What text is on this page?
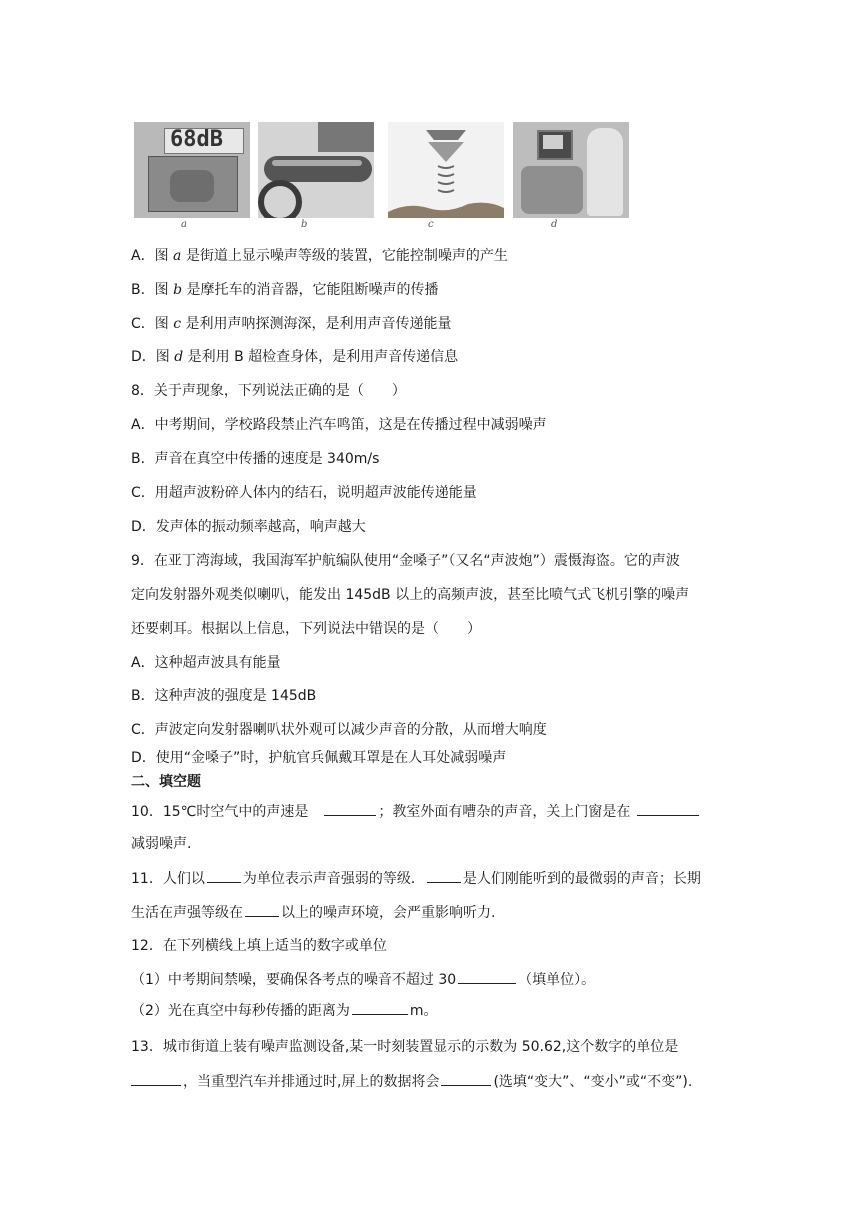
68dB
a	b	c	d
A．图 a 是街道上显示噪声等级的装置，它能控制噪声的产生
B．图 b 是摩托车的消音器，它能阻断噪声的传播
C．图 c 是利用声呐探测海深，是利用声音传递能量
D．图 d 是利用 B 超检查身体，是利用声音传递信息
8．关于声现象，下列说法正确的是（　　）
A．中考期间，学校路段禁止汽车鸣笛，这是在传播过程中减弱噪声
B．声音在真空中传播的速度是 340m/s
C．用超声波粉碎人体内的结石，说明超声波能传递能量
D．发声体的振动频率越高，响声越大
9．在亚丁湾海域，我国海军护航编队使用“金嗓子”（又名“声波炮”）震慑海盗。它的声波
定向发射器外观类似喇叭，能发出 145dB 以上的高频声波，甚至比喷气式飞机引擎的噪声
还要刺耳。根据以上信息，下列说法中错误的是（　　）
A．这种超声波具有能量
B．这种声波的强度是 145dB
C．声波定向发射器喇叭状外观可以减少声音的分散，从而增大响度
D．使用“金嗓子”时，护航官兵佩戴耳罩是在人耳处减弱噪声
二、填空题
10．15℃时空气中的声速是　	；教室外面有嘈杂的声音，关上门窗是在
减弱噪声.
11．人们以	为单位表示声音强弱的等级．	是人们刚能听到的最微弱的声音；长期
生活在声强等级在	以上的噪声环境，会严重影响听力.
12．在下列横线上填上适当的数字或单位
（1）中考期间禁噪，要确保各考点的噪音不超过 30	（填单位）。
（2）光在真空中每秒传播的距离为	m。
13．城市街道上装有噪声监测设备,某一时刻装置显示的示数为 50.62,这个数字的单位是
，当重型汽车并排通过时,屏上的数据将会	(选填“变大”、“变小”或“不变”).
